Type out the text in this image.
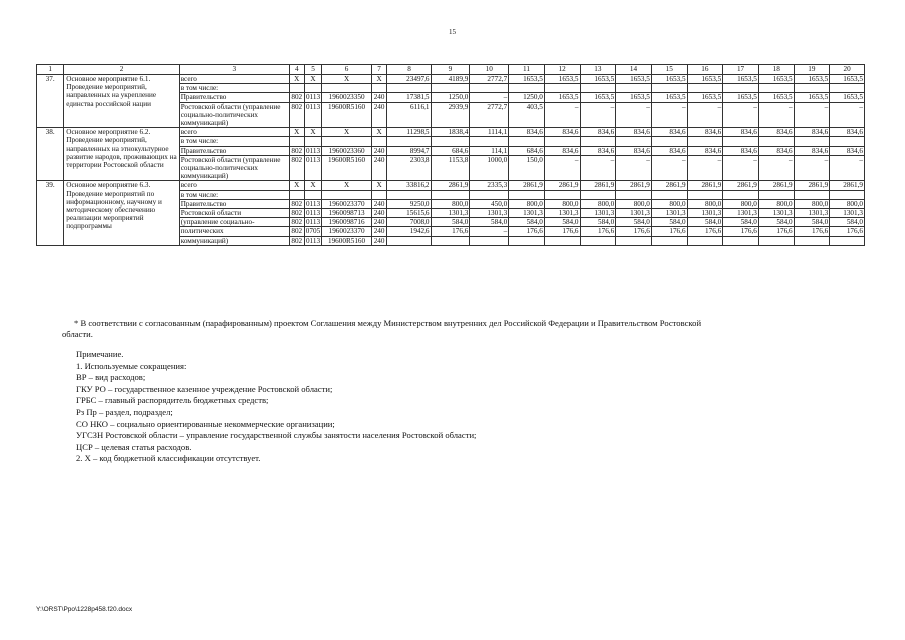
15
1	2	3	4	5	6	7	8	9	10	11	12	13	14	15	16	17	18	19	20
37.	Основное мероприятие 6.1. Проведение мероприятий, направленных на укрепление единства российской нации	всего	X	X	X	X	23497,6	4189,9	2772,7	1653,5	1653,5	1653,5	1653,5	1653,5	1653,5	1653,5	1653,5	1653,5	1653,5
		в том числе:																	
		Правительство	802	0113	1960023350	240	17381,5	1250,0	–	1250,0	1653,5	1653,5	1653,5	1653,5	1653,5	1653,5	1653,5	1653,5	1653,5
		Ростовской области (управление социально-политических коммуникаций)	802	0113	19600R5160	240	6116,1	2939,9	2772,7	403,5	–	–	–	–	–	–	–	–	–
38.	Основное мероприятие 6.2. Проведение мероприятий, направленных на этнокультурное развитие народов, проживающих на территории Ростовской области	всего	X	X	X	X	11298,5	1838,4	1114,1	834,6	834,6	834,6	834,6	834,6	834,6	834,6	834,6	834,6	834,6
		в том числе:																	
		Правительство	802	0113	1960023360	240	8994,7	684,6	114,1	684,6	834,6	834,6	834,6	834,6	834,6	834,6	834,6	834,6	834,6
		Ростовской области (управление социально-политических коммуникаций)	802	0113	19600R5160	240	2303,8	1153,8	1000,0	150,0	–	–	–	–	–	–	–	–	–
39.	Основное мероприятие 6.3. Проведение мероприятий по информационному, научному и методическому обеспечению реализации мероприятий подпрограммы	всего	X	X	X	X	33816,2	2861,9	2335,3	2861,9	2861,9	2861,9	2861,9	2861,9	2861,9	2861,9	2861,9	2861,9	2861,9
		в том числе:																	
		Правительство	802	0113	1960023370	240	9250,0	800,0	450,0	800,0	800,0	800,0	800,0	800,0	800,0	800,0	800,0	800,0	800,0
		Ростовской области	802	0113	1960098713	240	15615,6	1301,3	1301,3	1301,3	1301,3	1301,3	1301,3	1301,3	1301,3	1301,3	1301,3	1301,3	1301,3
		(управление социально-	802	0113	1960098716	240	7008,0	584,0	584,0	584,0	584,0	584,0	584,0	584,0	584,0	584,0	584,0	584,0	584,0
		политических	802	0705	1960023370	240	1942,6	176,6	–	176,6	176,6	176,6	176,6	176,6	176,6	176,6	176,6	176,6	176,6
		коммуникаций)	802	0113	19600R5160	240													
* В соответствии с согласованным (парафированным) проектом Соглашения между Министерством внутренних дел Российской Федерации и Правительством Ростовской
области.
Примечание.
1. Используемые сокращения:
ВР – вид расходов;
ГКУ РО – государственное казенное учреждение Ростовской области;
ГРБС – главный распорядитель бюджетных средств;
Рз Пр – раздел, подраздел;
СО НКО – социально ориентированные некоммерческие организации;
УГСЗН Ростовской области – управление государственной службы занятости населения Ростовской области;
ЦСР – целевая статья расходов.
2. Х – код бюджетной классификации отсутствует.
Y:\ORST\Ppo\1228p458.f20.docx
